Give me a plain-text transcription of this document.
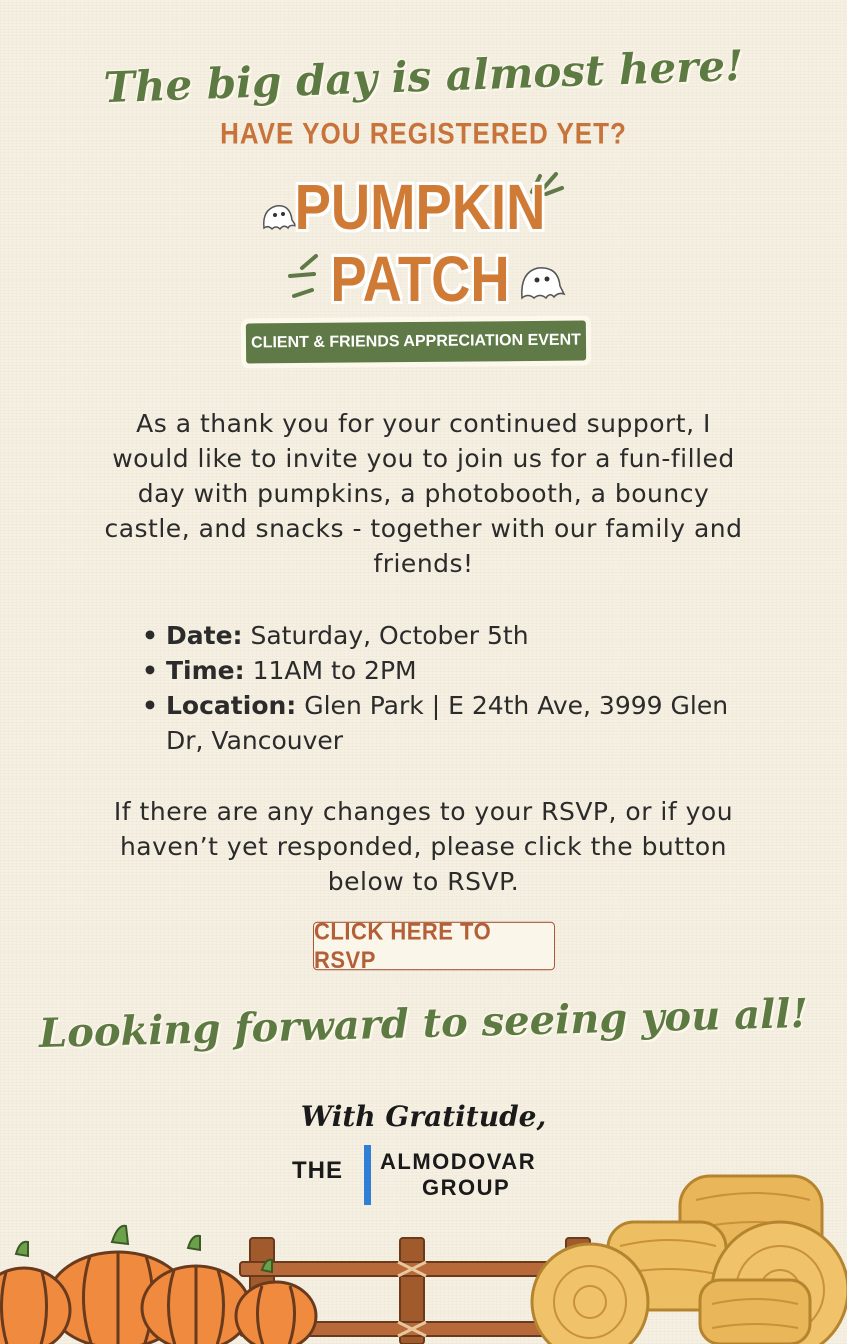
The big day is almost here!
HAVE YOU REGISTERED YET?
PUMPKIN
PATCH
CLIENT & FRIENDS APPRECIATION EVENT
As a thank you for your continued support, I would like to invite you to join us for a fun-filled day with pumpkins, a photobooth, a bouncy castle, and snacks - together with our family and friends!
• Date: Saturday, October 5th
• Time: 11AM to 2PM
• Location: Glen Park | E 24th Ave, 3999 Glen Dr, Vancouver
If there are any changes to your RSVP, or if you haven’t yet responded, please click the button below to RSVP.
CLICK HERE TO RSVP
Looking forward to seeing you all!
With Gratitude,
THE ALMODOVAR
GROUP
